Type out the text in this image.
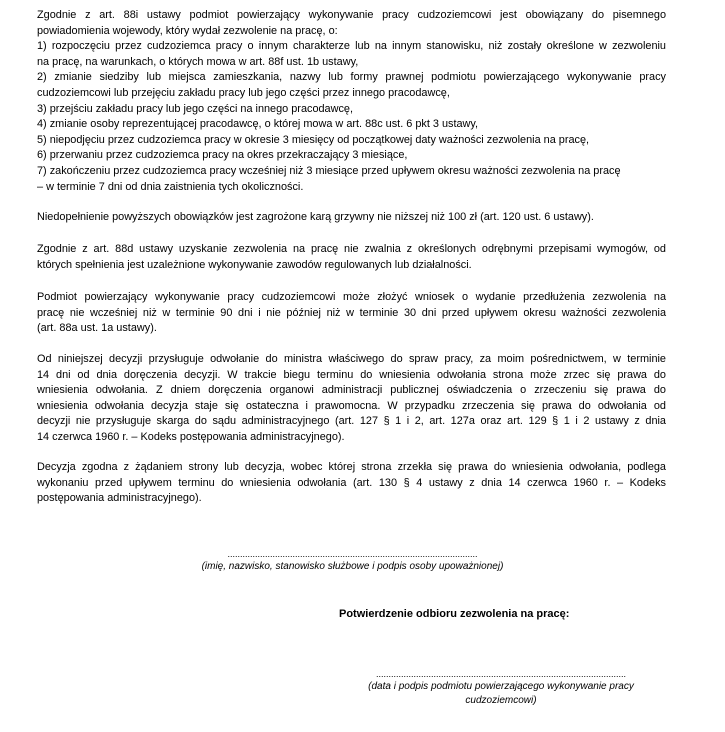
Zgodnie z art. 88i ustawy podmiot powierzający wykonywanie pracy cudzoziemcowi jest obowiązany do pisemnego
powiadomienia wojewody, który wydał zezwolenie na pracę, o:
1) rozpoczęciu przez cudzoziemca pracy o innym charakterze lub na innym stanowisku, niż zostały określone w zezwoleniu
na pracę, na warunkach, o których mowa w art. 88f ust. 1b ustawy,
2) zmianie siedziby lub miejsca zamieszkania, nazwy lub formy prawnej podmiotu powierzającego wykonywanie pracy
cudzoziemcowi lub przejęciu zakładu pracy lub jego części przez innego pracodawcę,
3) przejściu zakładu pracy lub jego części na innego pracodawcę,
4) zmianie osoby reprezentującej pracodawcę, o której mowa w art. 88c ust. 6 pkt 3 ustawy,
5) niepodjęciu przez cudzoziemca pracy w okresie 3 miesięcy od początkowej daty ważności zezwolenia na pracę,
6) przerwaniu przez cudzoziemca pracy na okres przekraczający 3 miesiące,
7) zakończeniu przez cudzoziemca pracy wcześniej niż 3 miesiące przed upływem okresu ważności zezwolenia na pracę
– w terminie 7 dni od dnia zaistnienia tych okoliczności.
Niedopełnienie powyższych obowiązków jest zagrożone karą grzywny nie niższej niż 100 zł (art. 120 ust. 6 ustawy).
Zgodnie z art. 88d ustawy uzyskanie zezwolenia na pracę nie zwalnia z określonych odrębnymi przepisami wymogów, od
których spełnienia jest uzależnione wykonywanie zawodów regulowanych lub działalności.
Podmiot powierzający wykonywanie pracy cudzoziemcowi może złożyć wniosek o wydanie przedłużenia zezwolenia na
pracę nie wcześniej niż w terminie 90 dni i nie później niż w terminie 30 dni przed upływem okresu ważności zezwolenia
(art. 88a ust. 1a ustawy).
Od niniejszej decyzji przysługuje odwołanie do ministra właściwego do spraw pracy, za moim pośrednictwem, w terminie
14 dni od dnia doręczenia decyzji. W trakcie biegu terminu do wniesienia odwołania strona może zrzec się prawa do
wniesienia odwołania. Z dniem doręczenia organowi administracji publicznej oświadczenia o zrzeczeniu się prawa do
wniesienia odwołania decyzja staje się ostateczna i prawomocna. W przypadku zrzeczenia się prawa do odwołania od
decyzji nie przysługuje skarga do sądu administracyjnego (art. 127 § 1 i 2, art. 127a oraz art. 129 § 1 i 2 ustawy z dnia
14 czerwca 1960 r. – Kodeks postępowania administracyjnego).
Decyzja zgodna z żądaniem strony lub decyzja, wobec której strona zrzekła się prawa do wniesienia odwołania, podlega
wykonaniu przed upływem terminu do wniesienia odwołania (art. 130 § 4 ustawy z dnia 14 czerwca 1960 r. – Kodeks
postępowania administracyjnego).
....................................................................................................
(imię, nazwisko, stanowisko służbowe i podpis osoby upoważnionej)
Potwierdzenie odbioru zezwolenia na pracę:
....................................................................................................
(data i podpis podmiotu powierzającego wykonywanie pracy
cudzoziemcowi)
